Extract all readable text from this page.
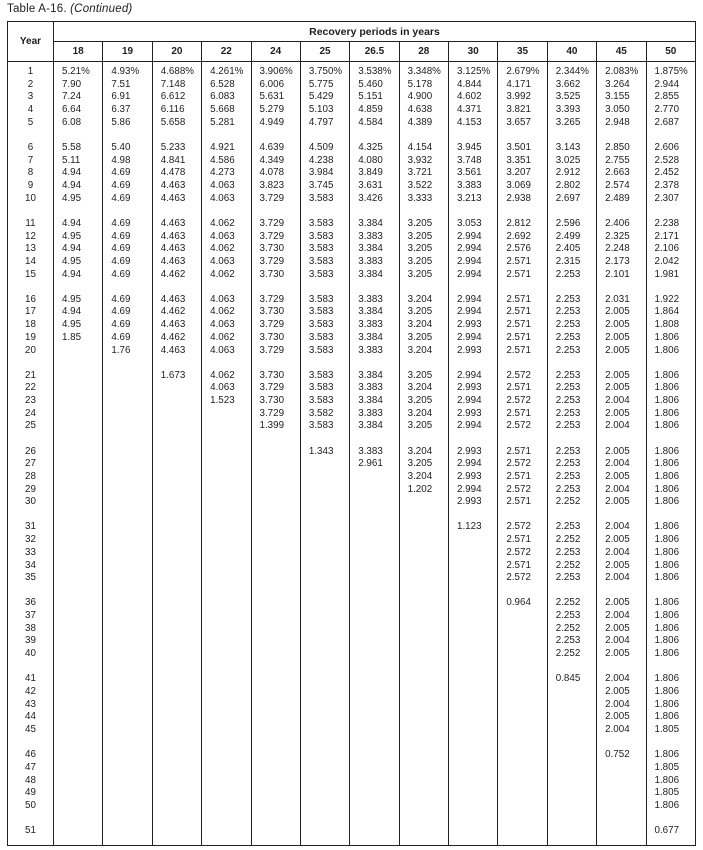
Table A-16. (Continued)
Year	Recovery periods in years												
	18	19	20	22	24	25	26.5	28	30	35	40	45	50

1	5.21%	4.93%	4.688%	4.261%	3.906%	3.750%	3.538%	3.348%	3.125%	2.679%	2.344%	2.083%	1.875%
2	7.90	7.51	7.148	6.528	6.006	5.775	5.460	5.178	4.844	4.171	3.662	3.264	2.944
3	7.24	6.91	6.612	6.083	5.631	5.429	5.151	4.900	4.602	3.992	3.525	3.155	2.855
4	6.64	6.37	6.116	5.668	5.279	5.103	4.859	4.638	4.371	3.821	3.393	3.050	2.770
5	6.08	5.86	5.658	5.281	4.949	4.797	4.584	4.389	4.153	3.657	3.265	2.948	2.687

6	5.58	5.40	5.233	4.921	4.639	4.509	4.325	4.154	3.945	3.501	3.143	2.850	2.606
7	5.11	4.98	4.841	4.586	4.349	4.238	4.080	3.932	3.748	3.351	3.025	2.755	2.528
8	4.94	4.69	4.478	4.273	4.078	3.984	3.849	3.721	3.561	3.207	2.912	2.663	2.452
9	4.94	4.69	4.463	4.063	3.823	3.745	3.631	3.522	3.383	3.069	2.802	2.574	2.378
10	4.95	4.69	4.463	4.063	3.729	3.583	3.426	3.333	3.213	2.938	2.697	2.489	2.307

11	4.94	4.69	4.463	4.062	3.729	3.583	3.384	3.205	3.053	2.812	2.596	2.406	2.238
12	4.95	4.69	4.463	4.063	3.729	3.583	3.383	3.205	2.994	2.692	2.499	2.325	2.171
13	4.94	4.69	4.463	4.062	3.730	3.583	3.384	3.205	2.994	2.576	2.405	2.248	2.106
14	4.95	4.69	4.463	4.063	3.729	3.583	3.383	3.205	2.994	2.571	2.315	2.173	2.042
15	4.94	4.69	4.462	4.062	3.730	3.583	3.384	3.205	2.994	2.571	2.253	2.101	1.981

16	4.95	4.69	4.463	4.063	3.729	3.583	3.383	3.204	2.994	2.571	2.253	2.031	1.922
17	4.94	4.69	4.462	4.062	3.730	3.583	3.384	3.205	2.994	2.571	2.253	2.005	1.864
18	4.95	4.69	4.463	4.063	3.729	3.583	3.383	3.204	2.993	2.571	2.253	2.005	1.808
19	1.85	4.69	4.462	4.062	3.730	3.583	3.384	3.205	2.994	2.571	2.253	2.005	1.806
20		1.76	4.463	4.063	3.729	3.583	3.383	3.204	2.993	2.571	2.253	2.005	1.806

21			1.673	4.062	3.730	3.583	3.384	3.205	2.994	2.572	2.253	2.005	1.806
22				4.063	3.729	3.583	3.383	3.204	2.993	2.571	2.253	2.005	1.806
23				1.523	3.730	3.583	3.384	3.205	2.994	2.572	2.253	2.004	1.806
24					3.729	3.582	3.383	3.204	2.993	2.571	2.253	2.005	1.806
25					1.399	3.583	3.384	3.205	2.994	2.572	2.253	2.004	1.806

26						1.343	3.383	3.204	2.993	2.571	2.253	2.005	1.806
27							2.961	3.205	2.994	2.572	2.253	2.004	1.806
28								3.204	2.993	2.571	2.253	2.005	1.806
29								1.202	2.994	2.572	2.253	2.004	1.806
30									2.993	2.571	2.252	2.005	1.806

31									1.123	2.572	2.253	2.004	1.806
32										2.571	2.252	2.005	1.806
33										2.572	2.253	2.004	1.806
34										2.571	2.252	2.005	1.806
35										2.572	2.253	2.004	1.806

36										0.964	2.252	2.005	1.806
37											2.253	2.004	1.806
38											2.252	2.005	1.806
39											2.253	2.004	1.806
40											2.252	2.005	1.806

41											0.845	2.004	1.806
42												2.005	1.806
43												2.004	1.806
44												2.005	1.806
45												2.004	1.805

46												0.752	1.806
47													1.805
48													1.806
49													1.805
50													1.806

51													0.677
